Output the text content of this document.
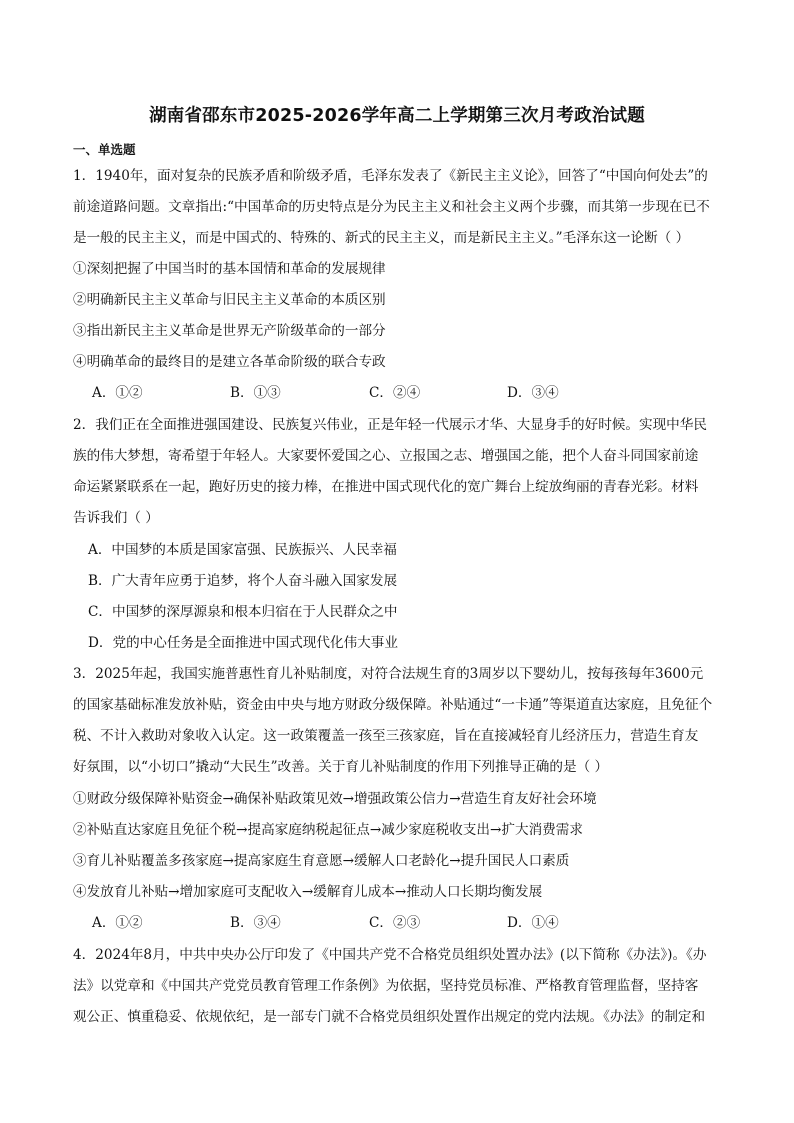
湖南省邵东市2025-2026学年高二上学期第三次月考政治试题
一、单选题
1．1940年，面对复杂的民族矛盾和阶级矛盾，毛泽东发表了《新民主主义论》，回答了“中国向何处去”的
前途道路问题。文章指出:“中国革命的历史特点是分为民主主义和社会主义两个步骤，而其第一步现在已不
是一般的民主主义，而是中国式的、特殊的、新式的民主主义，而是新民主主义。”毛泽东这一论断（ ）
①深刻把握了中国当时的基本国情和革命的发展规律
②明确新民主主义革命与旧民主主义革命的本质区别
③指出新民主主义革命是世界无产阶级革命的一部分
④明确革命的最终目的是建立各革命阶级的联合专政
A．①②	B．①③	C．②④	D．③④
2．我们正在全面推进强国建设、民族复兴伟业，正是年轻一代展示才华、大显身手的好时候。实现中华民
族的伟大梦想，寄希望于年轻人。大家要怀爱国之心、立报国之志、增强国之能，把个人奋斗同国家前途
命运紧紧联系在一起，跑好历史的接力棒，在推进中国式现代化的宽广舞台上绽放绚丽的青春光彩。材料
告诉我们（ ）
A．中国梦的本质是国家富强、民族振兴、人民幸福
B．广大青年应勇于追梦，将个人奋斗融入国家发展
C．中国梦的深厚源泉和根本归宿在于人民群众之中
D．党的中心任务是全面推进中国式现代化伟大事业
3．2025年起，我国实施普惠性育儿补贴制度，对符合法规生育的3周岁以下婴幼儿，按每孩每年3600元
的国家基础标准发放补贴，资金由中央与地方财政分级保障。补贴通过“一卡通”等渠道直达家庭，且免征个
税、不计入救助对象收入认定。这一政策覆盖一孩至三孩家庭，旨在直接减轻育儿经济压力，营造生育友
好氛围，以“小切口”撬动“大民生”改善。关于育儿补贴制度的作用下列推导正确的是（ ）
①财政分级保障补贴资金→确保补贴政策见效→增强政策公信力→营造生育友好社会环境
②补贴直达家庭且免征个税→提高家庭纳税起征点→减少家庭税收支出→扩大消费需求
③育儿补贴覆盖多孩家庭→提高家庭生育意愿→缓解人口老龄化→提升国民人口素质
④发放育儿补贴→增加家庭可支配收入→缓解育儿成本→推动人口长期均衡发展
A．①②	B．③④	C．②③	D．①④
4．2024年8月，中共中央办公厅印发了《中国共产党不合格党员组织处置办法》(以下简称《办法》)。《办
法》以党章和《中国共产党党员教育管理工作条例》为依据，坚持党员标准、严格教育管理监督，坚持客
观公正、慎重稳妥、依规依纪，是一部专门就不合格党员组织处置作出规定的党内法规。《办法》的制定和
